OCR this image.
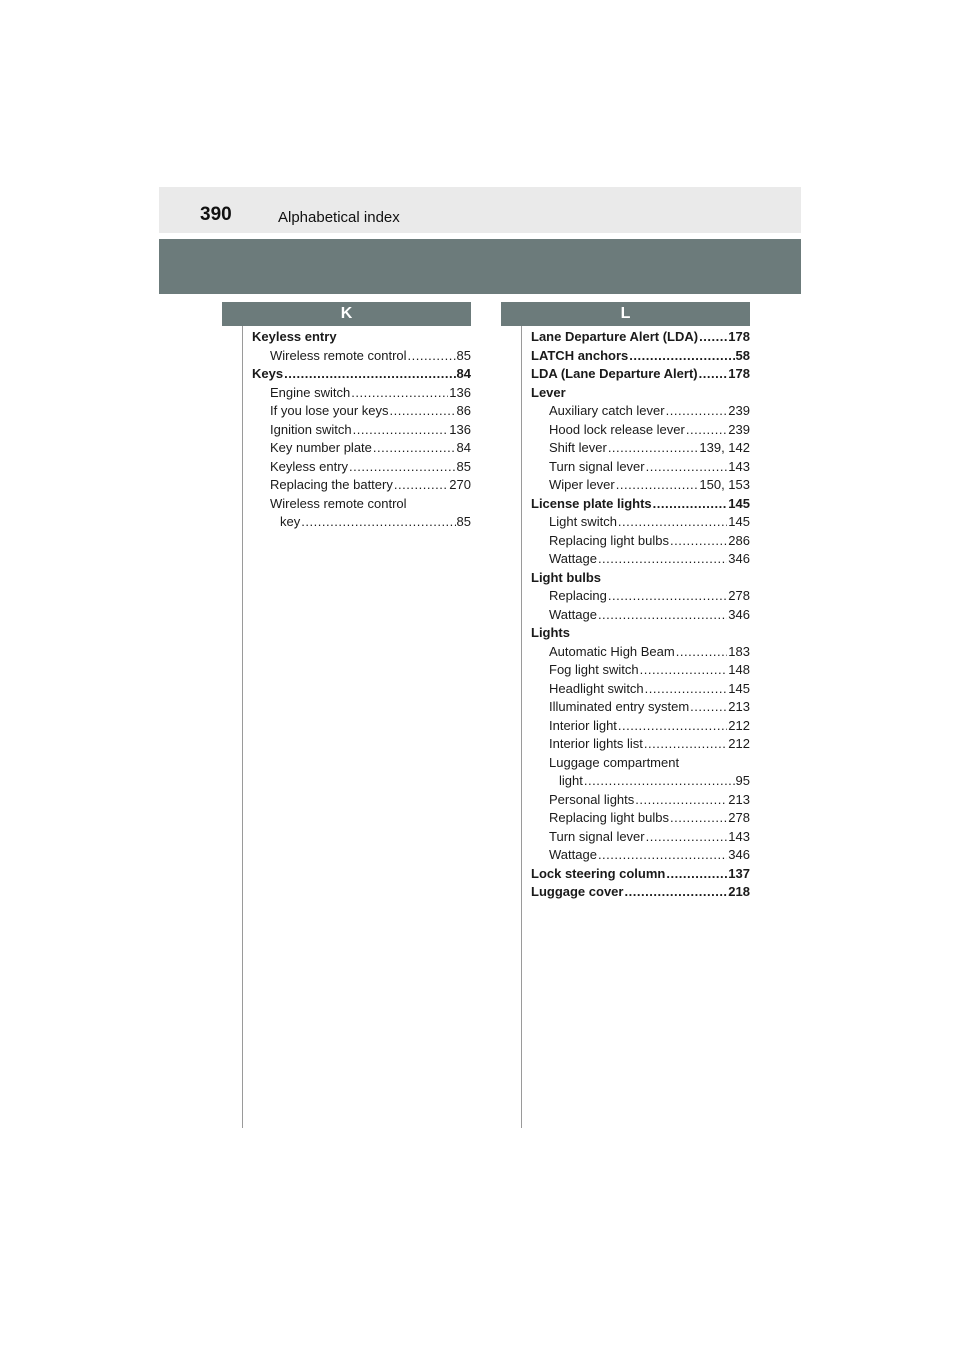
390	Alphabetical index
K	L
Keyless entry
Wireless remote control . . .	85
Keys . . .	84
Engine switch . . .	136
If you lose your keys . . .	86
Ignition switch . . .	136
Key number plate . . .	84
Keyless entry . . .	85
Replacing the battery . . .	270
Wireless remote control
key . . .	85
Lane Departure Alert (LDA) . . . 178
LATCH anchors . . .	58
LDA (Lane Departure Alert) . . . 178
Lever
Auxiliary catch lever . . .	239
Hood lock release lever . . .	239
Shift lever . . .	139, 142
Turn signal lever . . .	143
Wiper lever . . .	150, 153
License plate lights . . .	145
Light switch . . .	145
Replacing light bulbs . . .	286
Wattage . . .	346
Light bulbs
Replacing . . .	278
Wattage . . .	346
Lights
Automatic High Beam . . .	183
Fog light switch . . .	148
Headlight switch . . .	145
Illuminated entry system . . .	213
Interior light . . .	212
Interior lights list . . .	212
Luggage compartment
light . . .	95
Personal lights . . .	213
Replacing light bulbs . . .	278
Turn signal lever . . .	143
Wattage . . .	346
Lock steering column . . .	137
Luggage cover . . .	218
